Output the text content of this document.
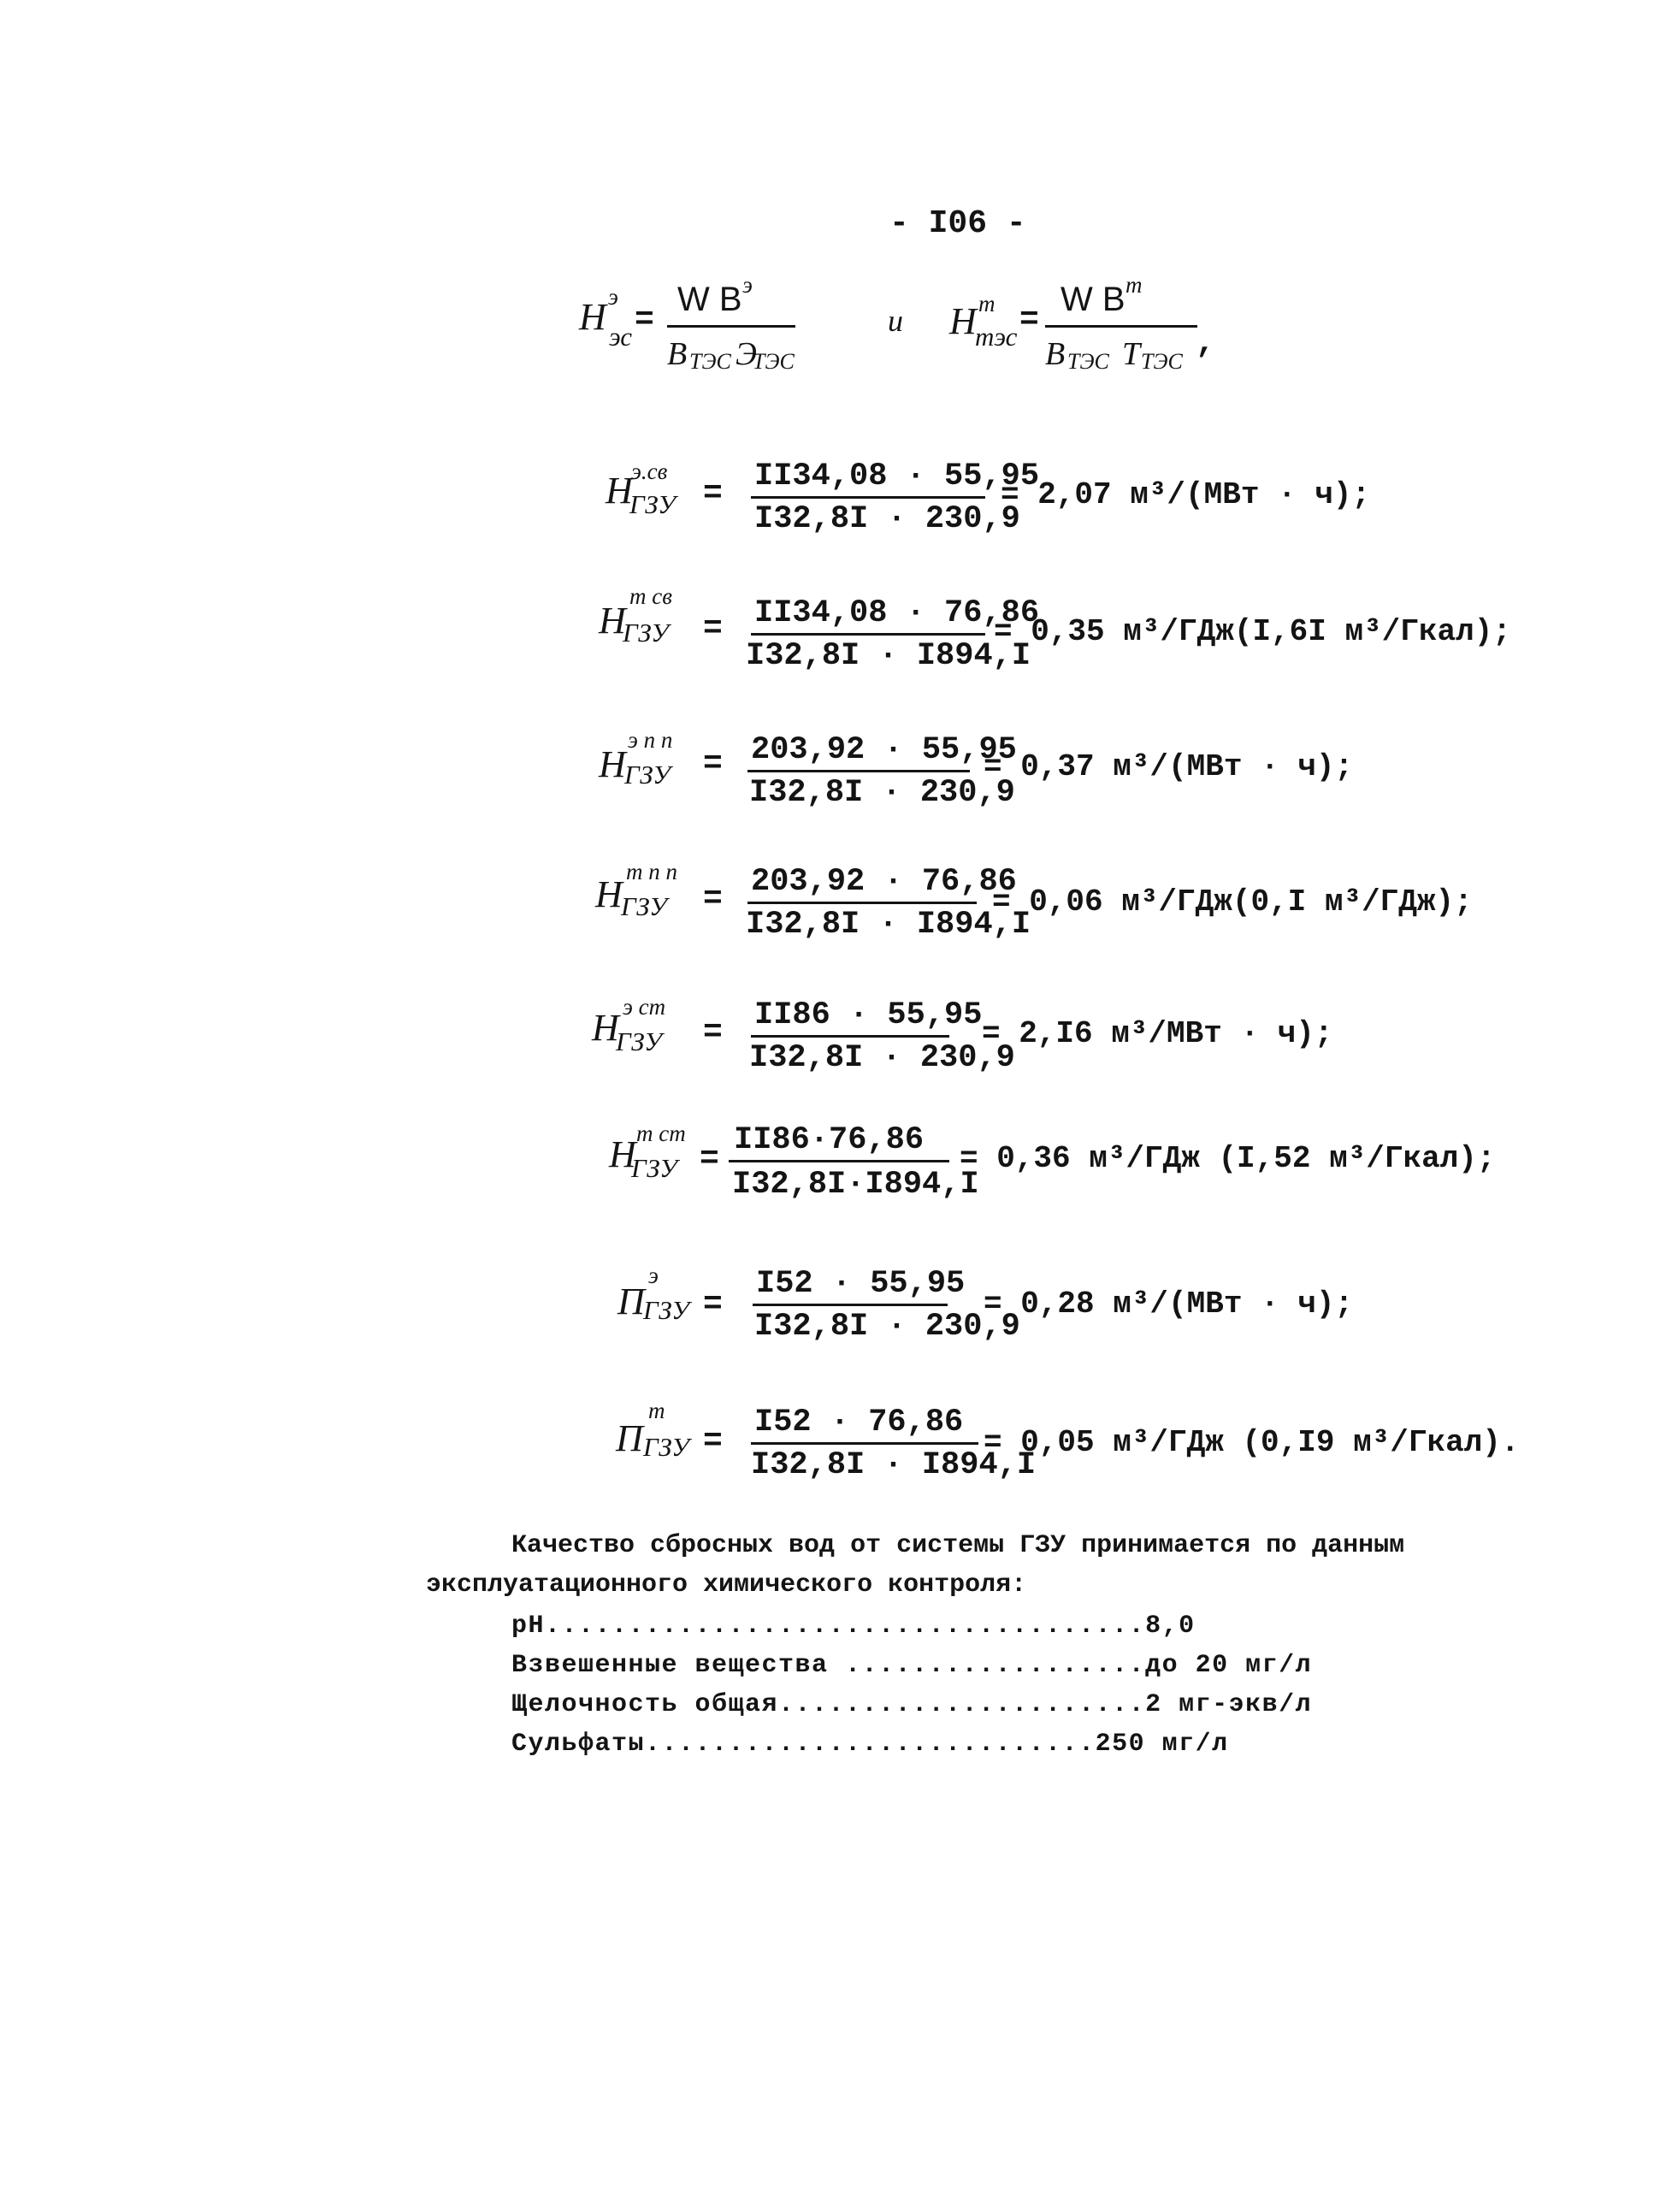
- I06 -
H э
эс =
W B э
B ТЭС Э
ТЭС
и H т
тэс =
W B т
B ТЭС Т ТЭС ,
H
э.св
ГЗУ = II34,08 · 55,95
I32,8I · 230,9
= 2,07 м³/(МВт · ч);
H
т св
ГЗУ = II34,08 · 76,86
I32,8I · I894,I
= 0,35 м³/ГДж(I,6I м³/Гкал);
H
э п п
ГЗУ = 203,92 · 55,95
I32,8I · 230,9
= 0,37 м³/(МВт · ч);
H
т п п
ГЗУ = 203,92 · 76,86
I32,8I · I894,I
= 0,06 м³/ГДж(0,I м³/ГДж);
H э ст
ГЗУ = II86 · 55,95
I32,8I · 230,9
= 2,I6 м³/МВт · ч);
H т ст
ГЗУ =
II86·76,86
I32,8I·I894,I
= 0,36 м³/ГДж (I,52 м³/Гкал);
П
э
ГЗУ =
I52 · 55,95
I32,8I · 230,9
= 0,28 м³/(МВт · ч);
П
т
ГЗУ =
I52 · 76,86
I32,8I · I894,I
= 0,05 м³/ГДж (0,I9 м³/Гкал).
Качество сбросных вод от системы ГЗУ принимается по данным
эксплуатационного химического контроля:
pH....................................8,0
Взвешенные вещества ..................до 20 мг/л
Щелочность общая......................2 мг-экв/л
Сульфаты...........................250 мг/л
